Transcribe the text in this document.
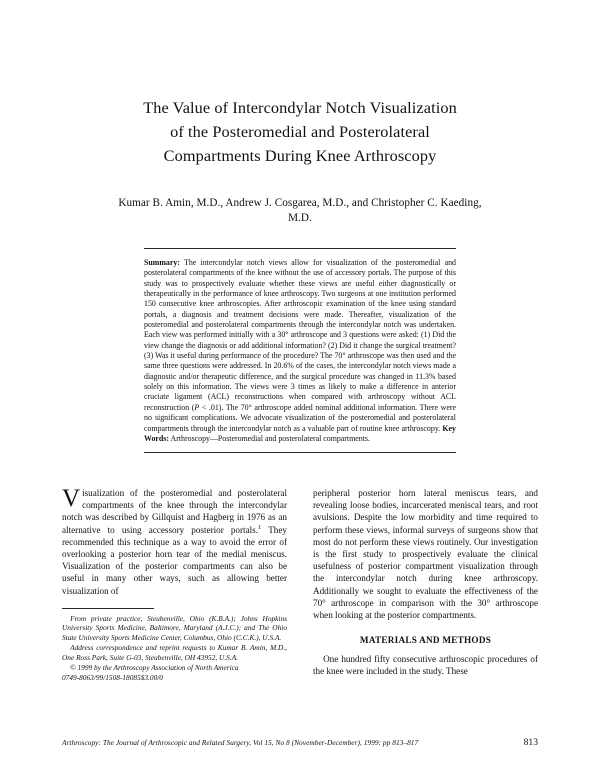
The Value of Intercondylar Notch Visualization
of the Posteromedial and Posterolateral
Compartments During Knee Arthroscopy
Kumar B. Amin, M.D., Andrew J. Cosgarea, M.D., and Christopher C. Kaeding, M.D.

Summary: The intercondylar notch views allow for visualization of the posteromedial and posterolateral compartments of the knee without the use of accessory portals. The purpose of this study was to prospectively evaluate whether these views are useful either diagnostically or therapeutically in the performance of knee arthroscopy. Two surgeons at one institution performed 150 consecutive knee arthroscopies. After arthroscopic examination of the knee using standard portals, a diagnosis and treatment decisions were made. Thereafter, visualization of the posteromedial and posterolateral compartments through the intercondylar notch was undertaken. Each view was performed initially with a 30° arthroscope and 3 questions were asked: (1) Did the view change the diagnosis or add additional information? (2) Did it change the surgical treatment? (3) Was it useful during performance of the procedure? The 70° arthroscope was then used and the same three questions were addressed. In 20.6% of the cases, the intercondylar notch views made a diagnostic and/or therapeutic difference, and the surgical procedure was changed in 11.3% based solely on this information. The views were 3 times as likely to make a difference in anterior cruciate ligament (ACL) reconstructions when compared with arthroscopy without ACL reconstruction (P < .01). The 70° arthroscope added nominal additional information. There were no significant complications. We advocate visualization of the posteromedial and posterolateral compartments through the intercondylar notch as a valuable part of routine knee arthroscopy. Key Words: Arthroscopy—Posteromedial and posterolateral compartments.

Visualization of the posteromedial and posterolateral compartments of the knee through the intercondylar notch was described by Gillquist and Hagberg in 1976 as an alternative to using accessory posterior portals.$^1$ They recommended this technique as a way to avoid the error of overlooking a posterior horn tear of the medial meniscus. Visualization of the posterior compartments can also be useful in many other ways, such as allowing better visualization of

peripheral posterior horn lateral meniscus tears, and revealing loose bodies, incarcerated meniscal tears, and root avulsions. Despite the low morbidity and time required to perform these views, informal surveys of surgeons show that most do not perform these views routinely. Our investigation is the first study to prospectively evaluate the clinical usefulness of posterior compartment visualization through the intercondylar notch during knee arthroscopy. Additionally we sought to evaluate the effectiveness of the 70° arthroscope in comparison with the 30° arthroscope when looking at the posterior compartments.

MATERIALS AND METHODS

One hundred fifty consecutive arthroscopic procedures of the knee were included in the study. These

From private practice, Steubenville, Ohio (K.B.A.); Johns Hopkins University Sports Medicine, Baltimore, Maryland (A.J.C.); and The Ohio State University Sports Medicine Center, Columbus, Ohio (C.C.K.), U.S.A.

Address correspondence and reprint requests to Kumar B. Amin, M.D., One Ross Park, Suite G-03, Steubenville, OH 43952, U.S.A.

© 1999 by the Arthroscopy Association of North America

0749-8063/99/1508-18085$3.00/0

Arthroscopy: The Journal of Arthroscopic and Related Surgery, Vol 15, No 8 (November-December), 1999: pp 813–817	813
